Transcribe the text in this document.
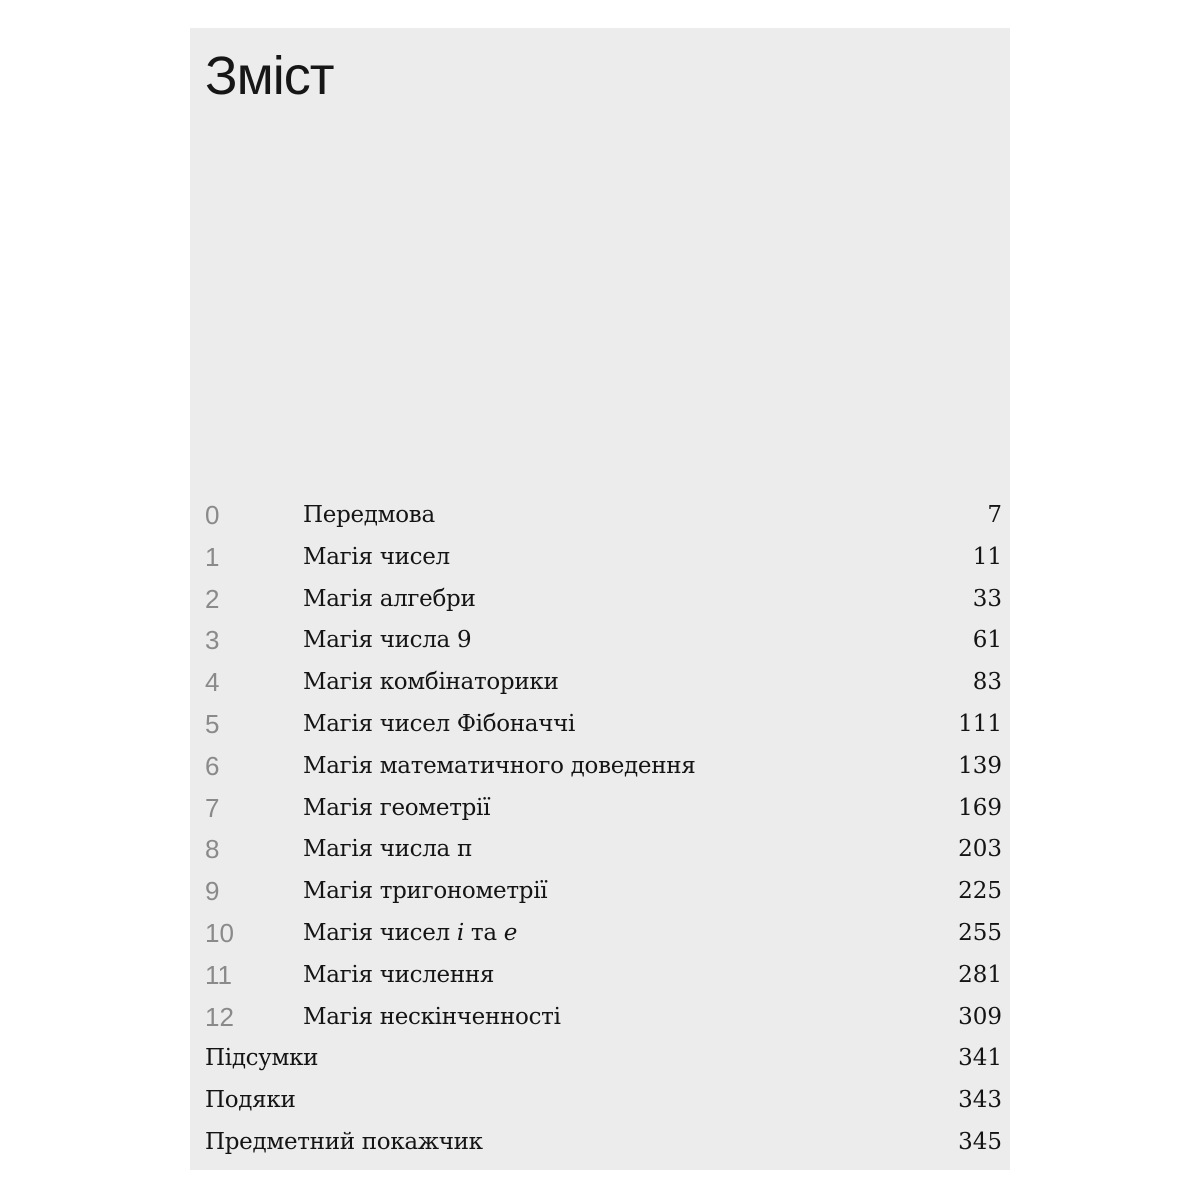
Зміст
0	Передмова	7
1	Магія чисел	11
2	Магія алгебри	33
3	Магія числа 9	61
4	Магія комбінаторики	83
5	Магія чисел Фібоначчі	111
6	Магія математичного доведення	139
7	Магія геометрії	169
8	Магія числа π	203
9	Магія тригонометрії	225
10	Магія чисел i та e	255
11	Магія числення	281
12	Магія нескінченності	309
Підсумки	341
Подяки	343
Предметний покажчик	345
